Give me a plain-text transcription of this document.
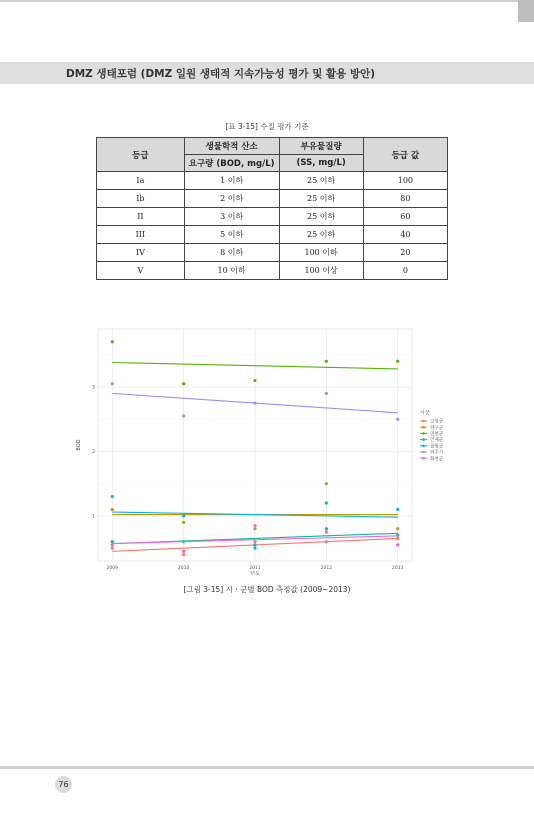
DMZ 생태포럼 (DMZ 일원 생태적 지속가능성 평가 및 활용 방안)
[표 3-15] 수질 평가 기준
등급	생물학적 산소	부유물질량	등급 값
	요구량 (BOD, mg/L)	(SS, mg/L)	
Ia	1 이하	25 이하	100
Ib	2 이하	25 이하	80
II	3 이하	25 이하	60
III	5 이하	25 이하	40
IV	8 이하	100 이하	20
V	10 이하	100 이상	0
2009	2010	2011	2012	2013
1
2
3
년도
BOD
시군
고성군
양구군
연천군
인제군
철원군
파주시
화천군
[그림 3-15] 시ㆍ군별 BOD 측정값 (2009~2013)
76
